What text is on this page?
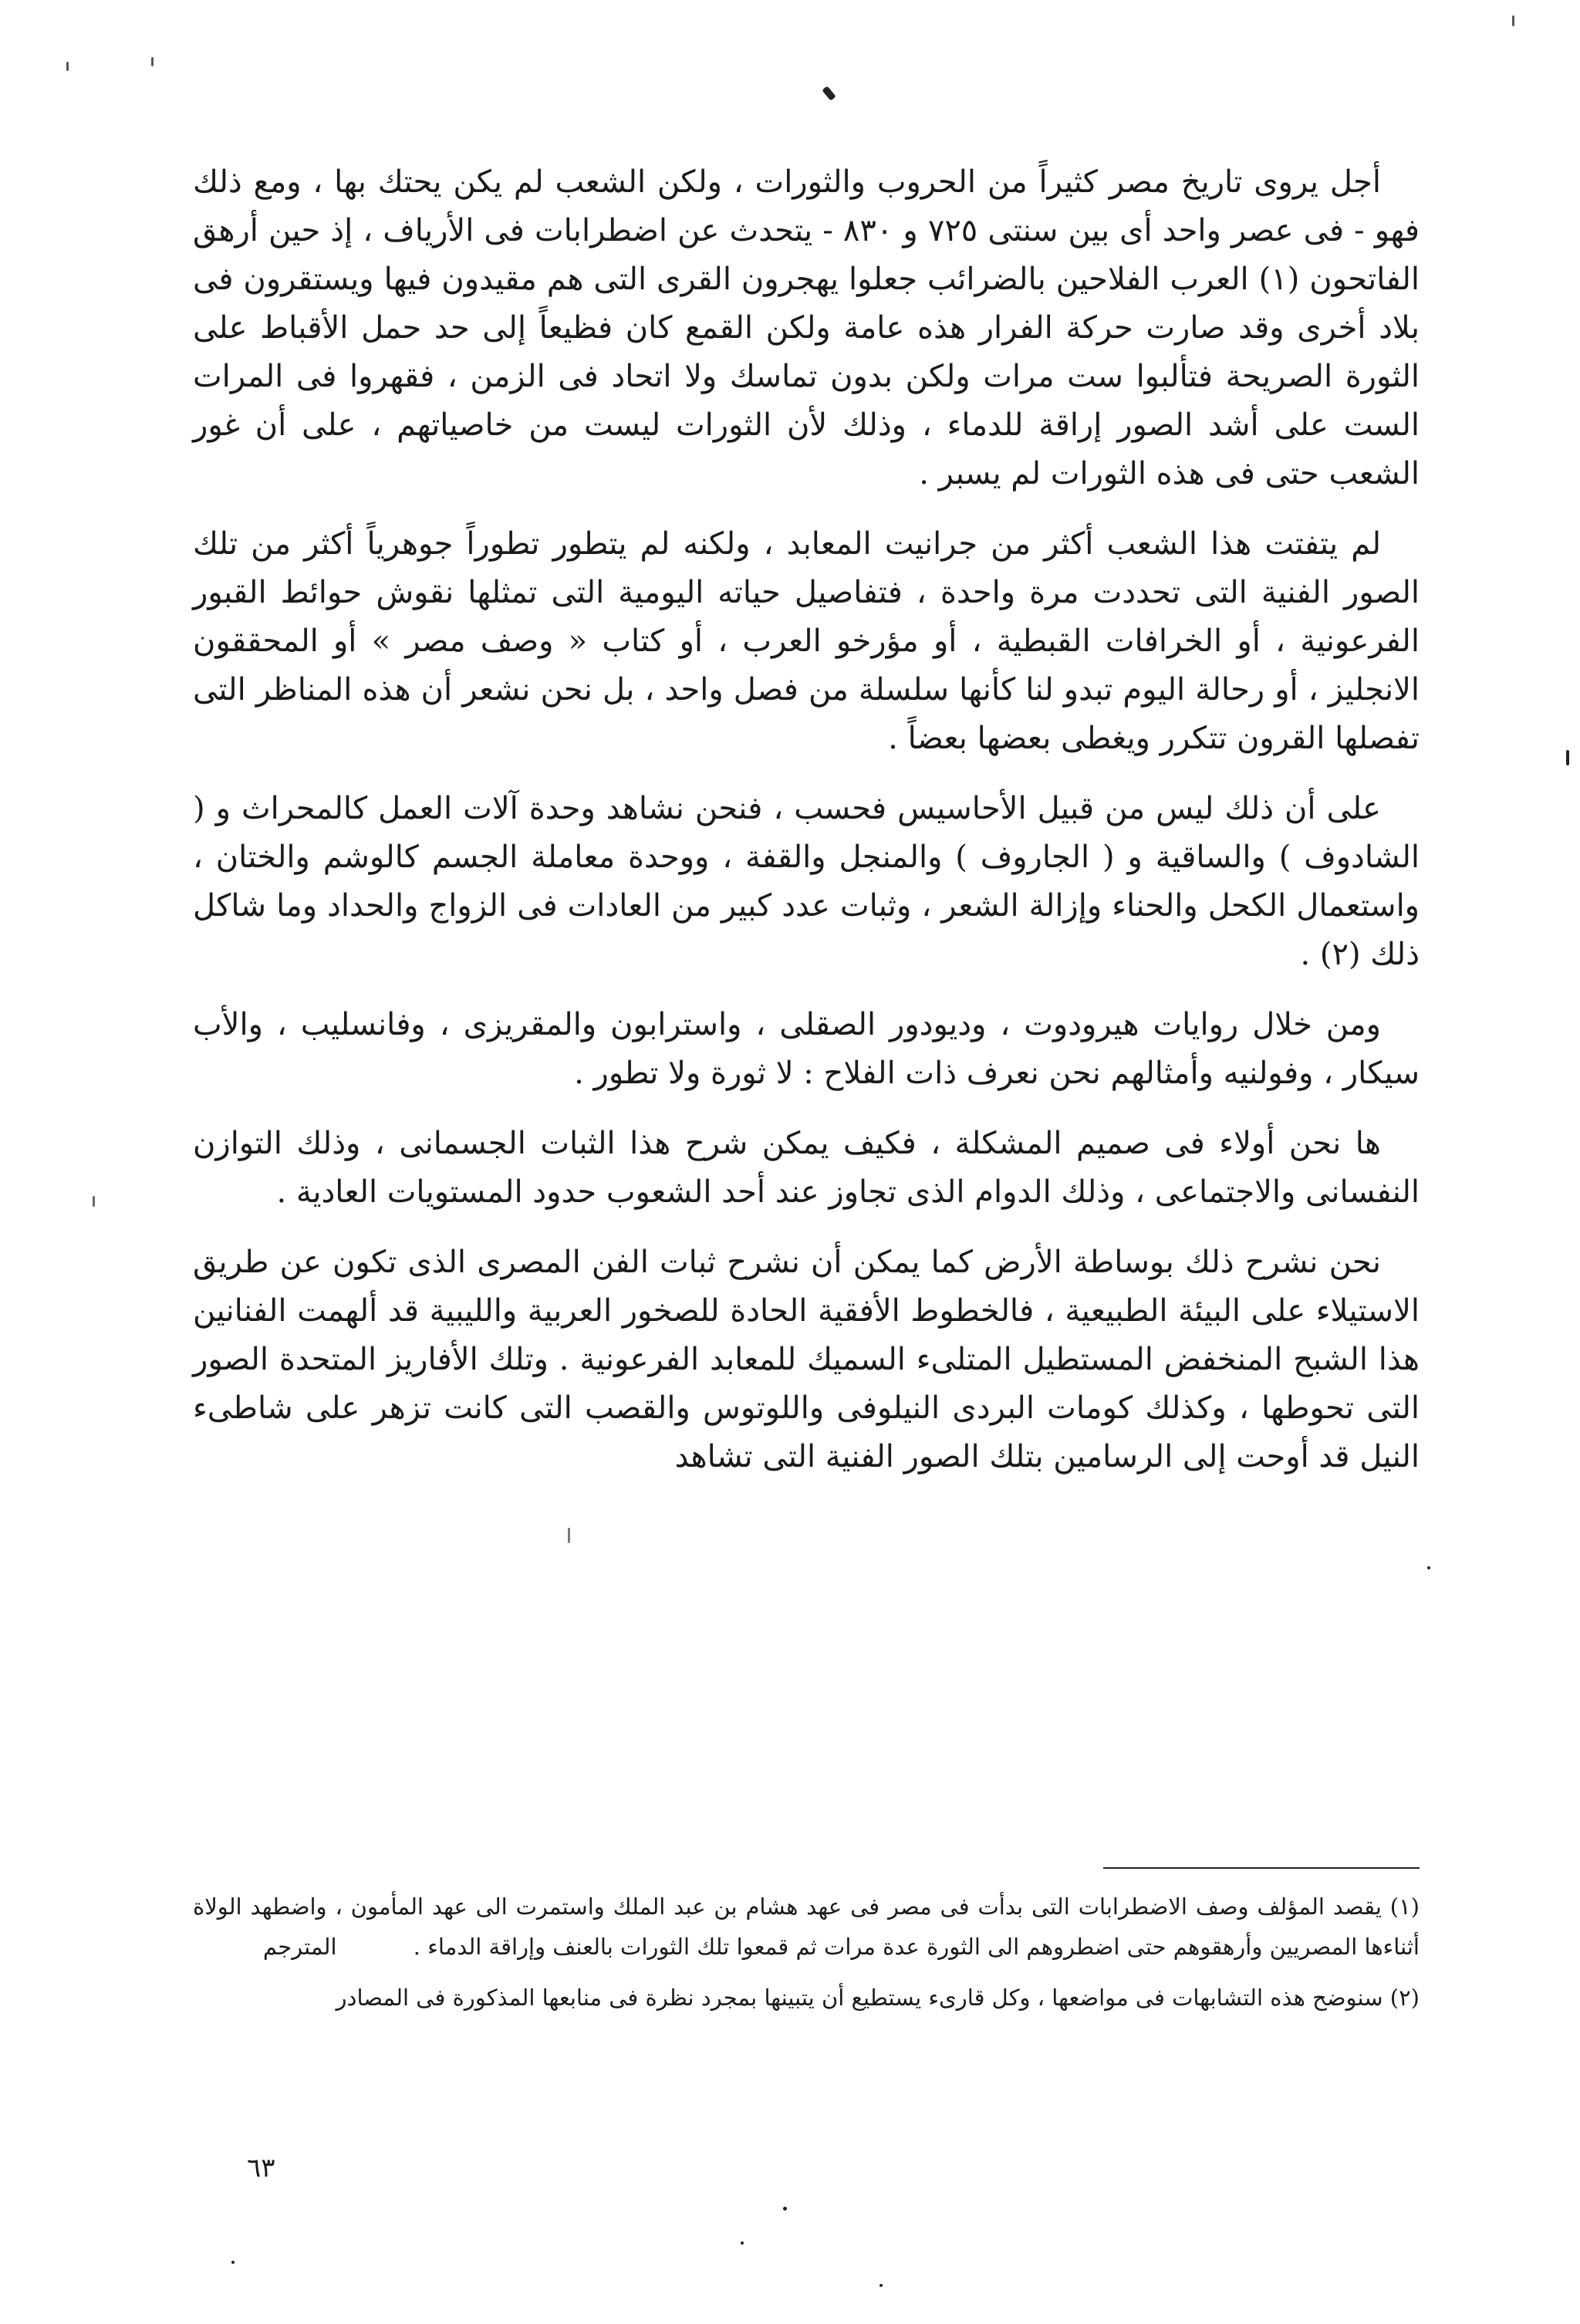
أجل يروى تاريخ مصر كثيراً من الحروب والثورات ، ولكن الشعب لم يكن يحتك بها ، ومع ذلك فهو - فى عصر واحد أى بين سنتى ٧٢٥ و ٨٣٠ - يتحدث عن اضطرابات فى الأرياف ، إذ حين أرهق الفاتحون (١) العرب الفلاحين بالضرائب جعلوا يهجرون القرى التى هم مقيدون فيها ويستقرون فى بلاد أخرى وقد صارت حركة الفرار هذه عامة ولكن القمع كان فظيعاً إلى حد حمل الأقباط على الثورة الصريحة فتألبوا ست مرات ولكن بدون تماسك ولا اتحاد فى الزمن ، فقهروا فى المرات الست على أشد الصور إراقة للدماء ، وذلك لأن الثورات ليست من خاصياتهم ، على أن غور الشعب حتى فى هذه الثورات لم يسبر .

لم يتفتت هذا الشعب أكثر من جرانيت المعابد ، ولكنه لم يتطور تطوراً جوهرياً أكثر من تلك الصور الفنية التى تحددت مرة واحدة ، فتفاصيل حياته اليومية التى تمثلها نقوش حوائط القبور الفرعونية ، أو الخرافات القبطية ، أو مؤرخو العرب ، أو كتاب « وصف مصر » أو المحققون الانجليز ، أو رحالة اليوم تبدو لنا كأنها سلسلة من فصل واحد ، بل نحن نشعر أن هذه المناظر التى تفصلها القرون تتكرر ويغطى بعضها بعضاً .

على أن ذلك ليس من قبيل الأحاسيس فحسب ، فنحن نشاهد وحدة آلات العمل كالمحراث و ( الشادوف ) والساقية و ( الجاروف ) والمنجل والقفة ، ووحدة معاملة الجسم كالوشم والختان ، واستعمال الكحل والحناء وإزالة الشعر ، وثبات عدد كبير من العادات فى الزواج والحداد وما شاكل ذلك (٢) .

ومن خلال روايات هيرودوت ، وديودور الصقلى ، واسترابون والمقريزى ، وفانسليب ، والأب سيكار ، وفولنيه وأمثالهم نحن نعرف ذات الفلاح : لا ثورة ولا تطور .

ها نحن أولاء فى صميم المشكلة ، فكيف يمكن شرح هذا الثبات الجسمانى ، وذلك التوازن النفسانى والاجتماعى ، وذلك الدوام الذى تجاوز عند أحد الشعوب حدود المستويات العادية .

نحن نشرح ذلك بوساطة الأرض كما يمكن أن نشرح ثبات الفن المصرى الذى تكون عن طريق الاستيلاء على البيئة الطبيعية ، فالخطوط الأفقية الحادة للصخور العربية والليبية قد ألهمت الفنانين هذا الشبح المنخفض المستطيل المتلىء السميك للمعابد الفرعونية . وتلك الأفاريز المتحدة الصور التى تحوطها ، وكذلك كومات البردى النيلوفى واللوتوس والقصب التى كانت تزهر على شاطىء النيل قد أوحت إلى الرسامين بتلك الصور الفنية التى تشاهد

(١) يقصد المؤلف وصف الاضطرابات التى بدأت فى مصر فى عهد هشام بن عبد الملك واستمرت الى عهد المأمون ، واضطهد الولاة أثناءها المصريين وأرهقوهم حتى اضطروهم الى الثورة عدة مرات ثم قمعوا تلك الثورات بالعنف وإراقة الدماء . المترجم

(٢) سنوضح هذه التشابهات فى مواضعها ، وكل قارىء يستطيع أن يتبينها بمجرد نظرة فى منابعها المذكورة فى المصادر

٦٣
